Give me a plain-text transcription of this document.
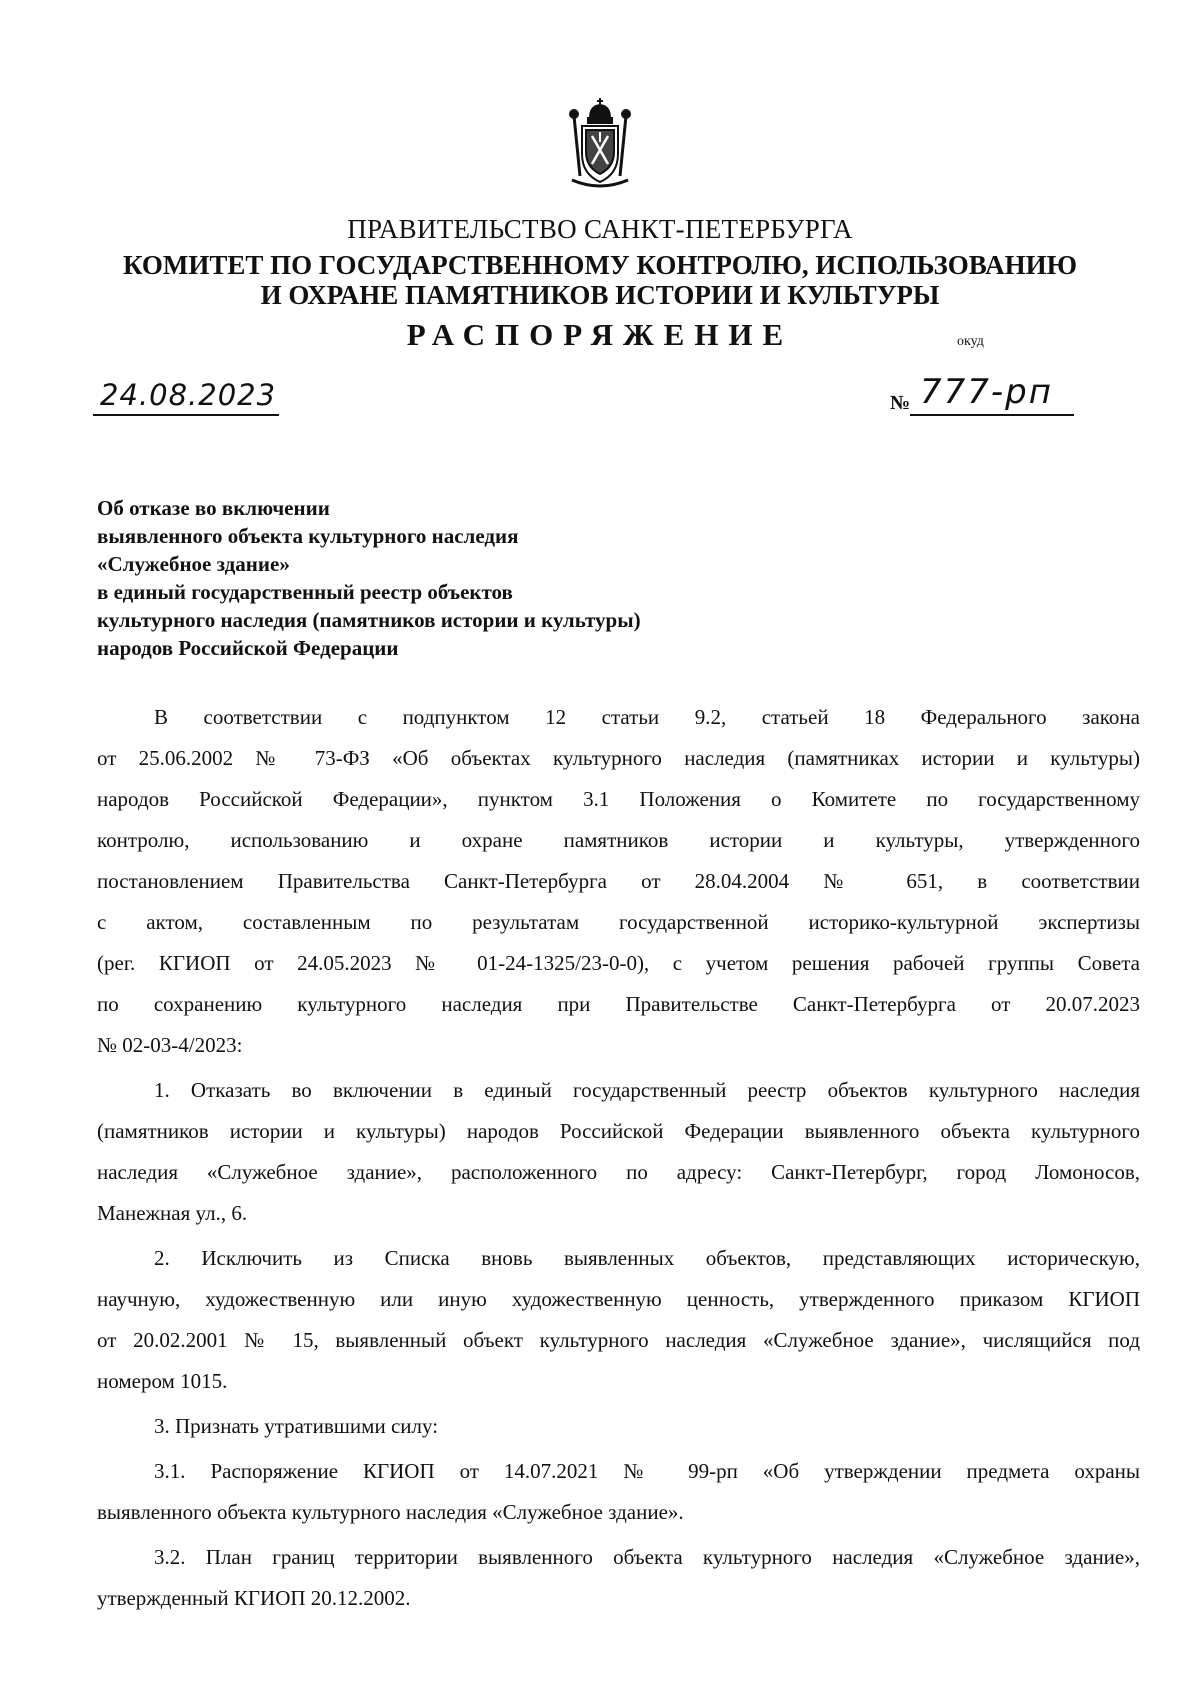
ПРАВИТЕЛЬСТВО САНКТ-ПЕТЕРБУРГА
КОМИТЕТ ПО ГОСУДАРСТВЕННОМУ КОНТРОЛЮ, ИСПОЛЬЗОВАНИЮ
И ОХРАНЕ ПАМЯТНИКОВ ИСТОРИИ И КУЛЬТУРЫ
РАСПОРЯЖЕНИЕ	окуд
24.08.2023	№ 777-рп
Об отказе во включении
выявленного объекта культурного наследия
«Служебное здание»
в единый государственный реестр объектов
культурного наследия (памятников истории и культуры)
народов Российской Федерации
В соответствии с подпунктом 12 статьи 9.2, статьей 18 Федерального закона
от 25.06.2002 № 73-ФЗ «Об объектах культурного наследия (памятниках истории и культуры)
народов Российской Федерации», пунктом 3.1 Положения о Комитете по государственному
контролю, использованию и охране памятников истории и культуры, утвержденного
постановлением Правительства Санкт-Петербурга от 28.04.2004 № 651, в соответствии
с актом, составленным по результатам государственной историко-культурной экспертизы
(рег. КГИОП от 24.05.2023 № 01-24-1325/23-0-0), с учетом решения рабочей группы Совета
по сохранению культурного наследия при Правительстве Санкт-Петербурга от 20.07.2023
№ 02-03-4/2023:
1. Отказать во включении в единый государственный реестр объектов культурного наследия
(памятников истории и культуры) народов Российской Федерации выявленного объекта культурного
наследия «Служебное здание», расположенного по адресу: Санкт-Петербург, город Ломоносов,
Манежная ул., 6.
2. Исключить из Списка вновь выявленных объектов, представляющих историческую,
научную, художественную или иную художественную ценность, утвержденного приказом КГИОП
от 20.02.2001 № 15, выявленный объект культурного наследия «Служебное здание», числящийся под
номером 1015.
3. Признать утратившими силу:
3.1. Распоряжение КГИОП от 14.07.2021 № 99-рп «Об утверждении предмета охраны
выявленного объекта культурного наследия «Служебное здание».
3.2. План границ территории выявленного объекта культурного наследия «Служебное здание»,
утвержденный КГИОП 20.12.2002.
